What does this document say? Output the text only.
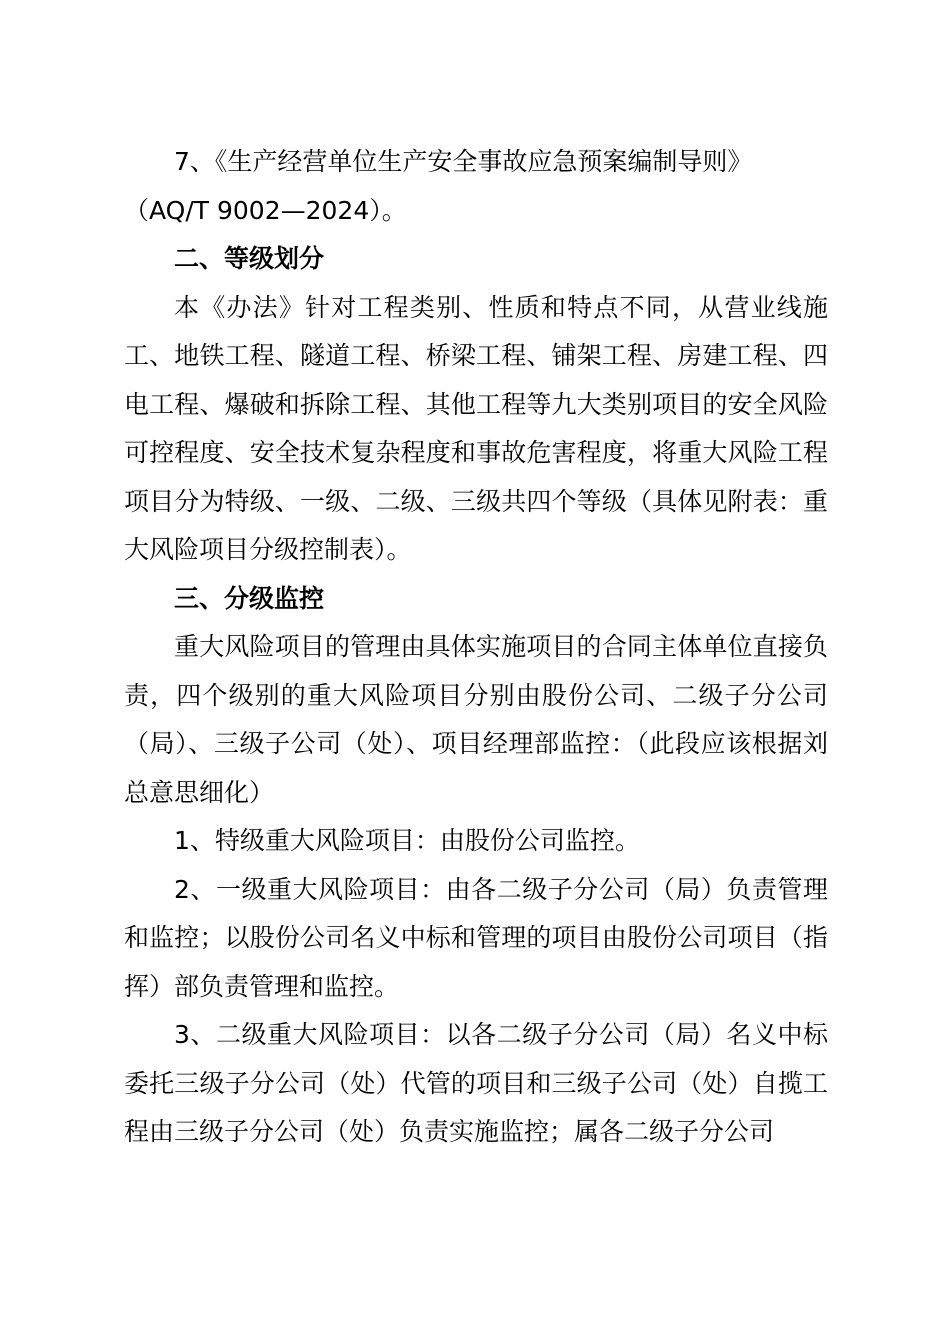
7、《生产经营单位生产安全事故应急预案编制导则》

（AQ/T 9002—2024）。

二、等级划分

本《办法》针对工程类别、性质和特点不同，从营业线施工、地铁工程、隧道工程、桥梁工程、铺架工程、房建工程、四电工程、爆破和拆除工程、其他工程等九大类别项目的安全风险可控程度、安全技术复杂程度和事故危害程度，将重大风险工程项目分为特级、一级、二级、三级共四个等级（具体见附表：重大风险项目分级控制表）。

三、分级监控

重大风险项目的管理由具体实施项目的合同主体单位直接负责，四个级别的重大风险项目分别由股份公司、二级子分公司（局）、三级子公司（处）、项目经理部监控：（此段应该根据刘总意思细化）

1、特级重大风险项目：由股份公司监控。

2、一级重大风险项目：由各二级子分公司（局）负责管理和监控；以股份公司名义中标和管理的项目由股份公司项目（指挥）部负责管理和监控。

3、二级重大风险项目：以各二级子分公司（局）名义中标委托三级子分公司（处）代管的项目和三级子公司（处）自揽工程由三级子分公司（处）负责实施监控；属各二级子分公司
